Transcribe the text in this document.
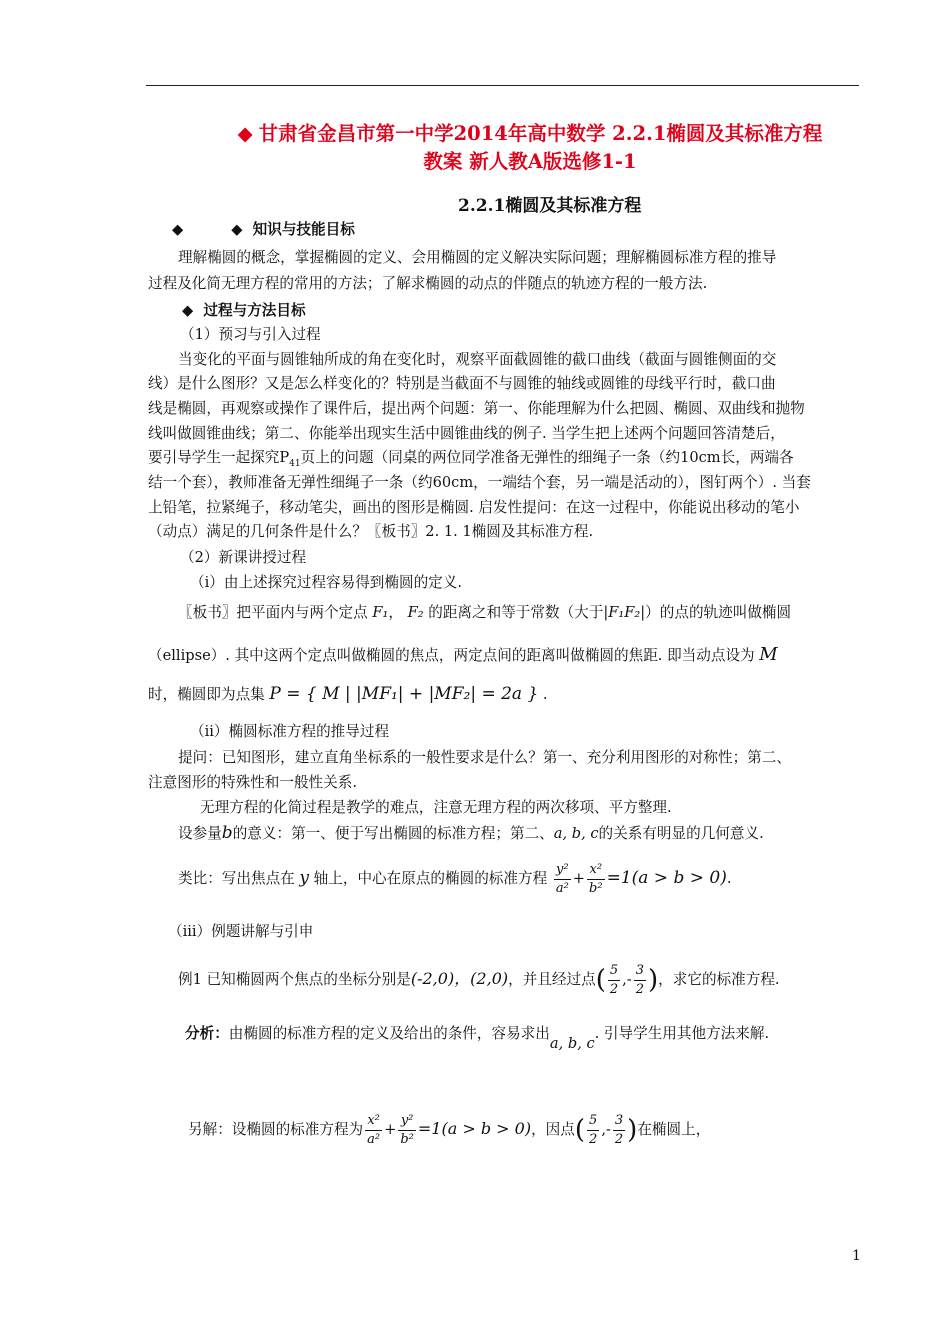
◆ 甘肃省金昌市第一中学2014年高中数学 2.2.1椭圆及其标准方程
教案 新人教A版选修1-1
2.2.1椭圆及其标准方程
◆	◆ 知识与技能目标
理解椭圆的概念，掌握椭圆的定义、会用椭圆的定义解决实际问题；理解椭圆标准方程的推导
过程及化简无理方程的常用的方法；了解求椭圆的动点的伴随点的轨迹方程的一般方法.
◆ 过程与方法目标
（1）预习与引入过程
当变化的平面与圆锥轴所成的角在变化时，观察平面截圆锥的截口曲线（截面与圆锥侧面的交
线）是什么图形？又是怎么样变化的？特别是当截面不与圆锥的轴线或圆锥的母线平行时，截口曲
线是椭圆，再观察或操作了课件后，提出两个问题：第一、你能理解为什么把圆、椭圆、双曲线和抛物
线叫做圆锥曲线；第二、你能举出现实生活中圆锥曲线的例子. 当学生把上述两个问题回答清楚后，
要引导学生一起探究$P_{41}$页上的问题（同桌的两位同学准备无弹性的细绳子一条（约10cm长，两端各
结一个套），教师准备无弹性细绳子一条（约60cm，一端结个套，另一端是活动的），图钉两个）. 当套
上铅笔，拉紧绳子，移动笔尖，画出的图形是椭圆. 启发性提问：在这一过程中，你能说出移动的笔小
（动点）满足的几何条件是什么？〖板书〗2. 1. 1椭圆及其标准方程.
（2）新课讲授过程
（i）由上述探究过程容易得到椭圆的定义.
〖板书〗把平面内与两个定点 F₁， F₂ 的距离之和等于常数（大于|F₁F₂|）的点的轨迹叫做椭圆
（ellipse）. 其中这两个定点叫做椭圆的焦点，两定点间的距离叫做椭圆的焦距. 即当动点设为 M
时，椭圆即为点集 P = { M | |MF₁| + |MF₂| = 2a } .
（ii）椭圆标准方程的推导过程
提问：已知图形，建立直角坐标系的一般性要求是什么？第一、充分利用图形的对称性；第二、
注意图形的特殊性和一般性关系.
无理方程的化简过程是教学的难点，注意无理方程的两次移项、平方整理.
设参量b的意义：第一、便于写出椭圆的标准方程；第二、a, b, c的关系有明显的几何意义.
类比：写出焦点在 y 轴上，中心在原点的椭圆的标准方程 $\frac{\text{y²}}{\text{a²}} + \frac{\text{x²}}{\text{b²}} =1(a > b > 0)$.
（iii）例题讲解与引申
例1 已知椭圆两个焦点的坐标分别是(-2,0)，(2,0)，并且经过点( $\frac{5}{2}$ ,- $\frac{3}{2}$ )，求它的标准方程.
分析：由椭圆的标准方程的定义及给出的条件，容易求出a, b, c. 引导学生用其他方法来解.
另解：设椭圆的标准方程为 $\frac{\text{x²}}{\text{a²}} + \frac{\text{y²}}{\text{b²}} =1(a > b > 0)$，因点( $\frac{5}{2}$ ,- $\frac{3}{2}$ )在椭圆上，
1
